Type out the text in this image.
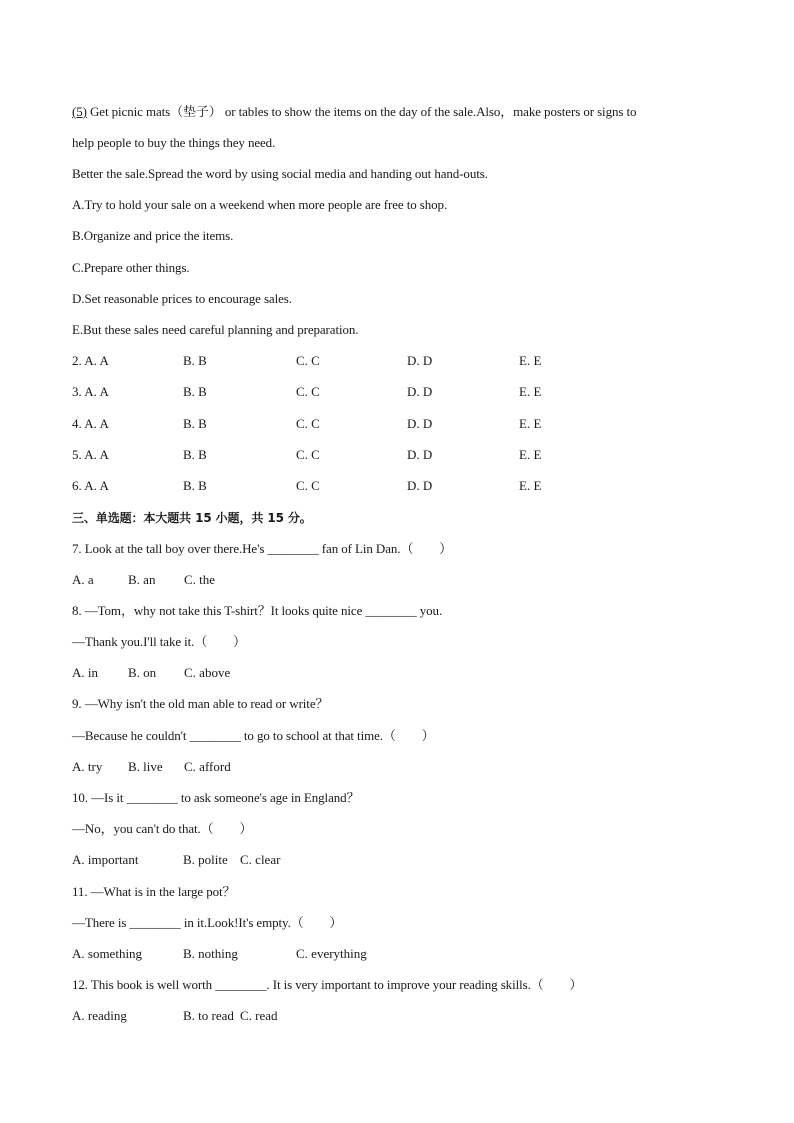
(5) Get picnic mats（垫子） or tables to show the items on the day of the sale.Also，make posters or signs to
help people to buy the things they need.
Better the sale.Spread the word by using social media and handing out hand-outs.
A.Try to hold your sale on a weekend when more people are free to shop.
B.Organize and price the items.
C.Prepare other things.
D.Set reasonable prices to encourage sales.
E.But these sales need careful planning and preparation.
2. A. A	B. B	C. C	D. D	E. E
3. A. A	B. B	C. C	D. D	E. E
4. A. A	B. B	C. C	D. D	E. E
5. A. A	B. B	C. C	D. D	E. E
6. A. A	B. B	C. C	D. D	E. E
三、单选题：本大题共 15 小题，共 15 分。
7. Look at the tall boy over there.He's ________ fan of Lin Dan.（　　）
A. a	B. an C. the
8. —Tom，why not take this T-shirt？It looks quite nice ________ you.
—Thank you.I'll take it.（　　）
A. in B. on C. above
9. —Why isn't the old man able to read or write？
—Because he couldn't ________ to go to school at that time.（　　）
A. try B. live C. afford
10. —Is it ________ to ask someone's age in England？
—No，you can't do that.（　　）
A. important	B. polite C. clear
11. —What is in the large pot？
—There is ________ in it.Look!It's empty.（　　）
A. something	B. nothing	C. everything
12. This book is well worth ________. It is very important to improve your reading skills.（　　）
A. reading	B. to read C. read
